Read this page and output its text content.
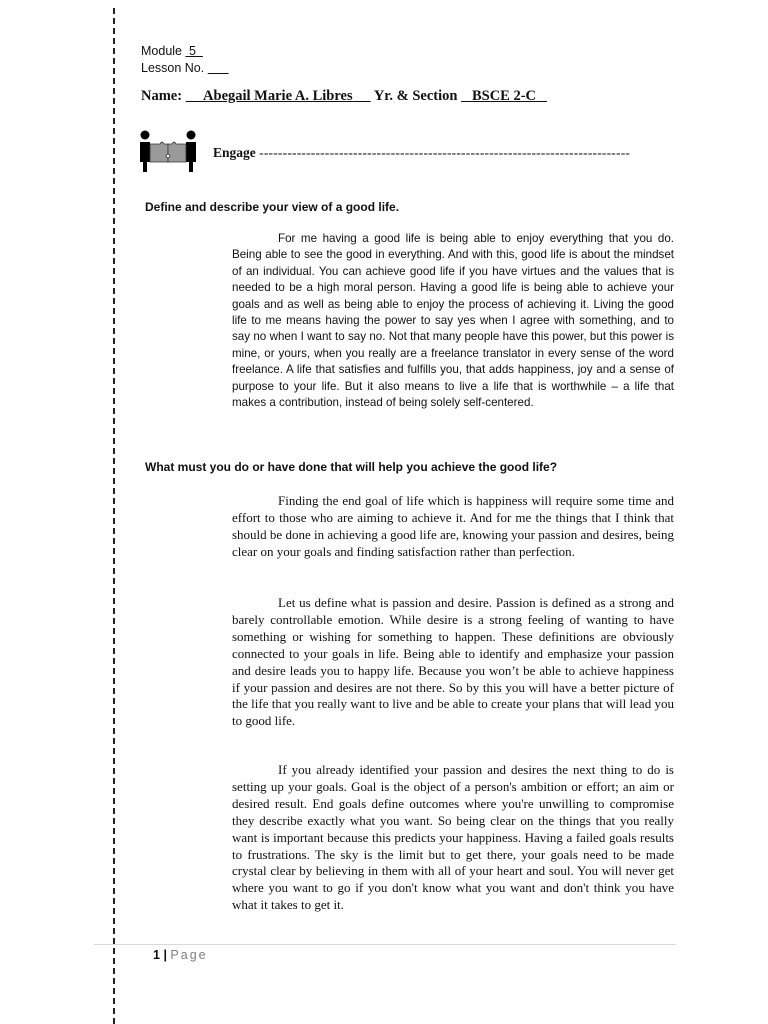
Module 5
Lesson No.
Name: Abegail Marie A. Libres Yr. & Section BSCE 2-C
Engage -------------------------------------------------------------------------------
Define and describe your view of a good life.
For me having a good life is being able to enjoy everything that you do. Being able to see the good in everything. And with this, good life is about the mindset of an individual. You can achieve good life if you have virtues and the values that is needed to be a high moral person. Having a good life is being able to achieve your goals and as well as being able to enjoy the process of achieving it. Living the good life to me means having the power to say yes when I agree with something, and to say no when I want to say no. Not that many people have this power, but this power is mine, or yours, when you really are a freelance translator in every sense of the word freelance. A life that satisfies and fulfills you, that adds happiness, joy and a sense of purpose to your life. But it also means to live a life that is worthwhile – a life that makes a contribution, instead of being solely self-centered.
What must you do or have done that will help you achieve the good life?
Finding the end goal of life which is happiness will require some time and effort to those who are aiming to achieve it. And for me the things that I think that should be done in achieving a good life are, knowing your passion and desires, being clear on your goals and finding satisfaction rather than perfection.
Let us define what is passion and desire. Passion is defined as a strong and barely controllable emotion. While desire is a strong feeling of wanting to have something or wishing for something to happen. These definitions are obviously connected to your goals in life. Being able to identify and emphasize your passion and desire leads you to happy life. Because you won’t be able to achieve happiness if your passion and desires are not there. So by this you will have a better picture of the life that you really want to live and be able to create your plans that will lead you to good life.
If you already identified your passion and desires the next thing to do is setting up your goals. Goal is the object of a person's ambition or effort; an aim or desired result. End goals define outcomes where you're unwilling to compromise they describe exactly what you want. So being clear on the things that you really want is important because this predicts your happiness. Having a failed goals results to frustrations. The sky is the limit but to get there, your goals need to be made crystal clear by believing in them with all of your heart and soul. You will never get where you want to go if you don't know what you want and don't think you have what it takes to get it.
1 | Page
